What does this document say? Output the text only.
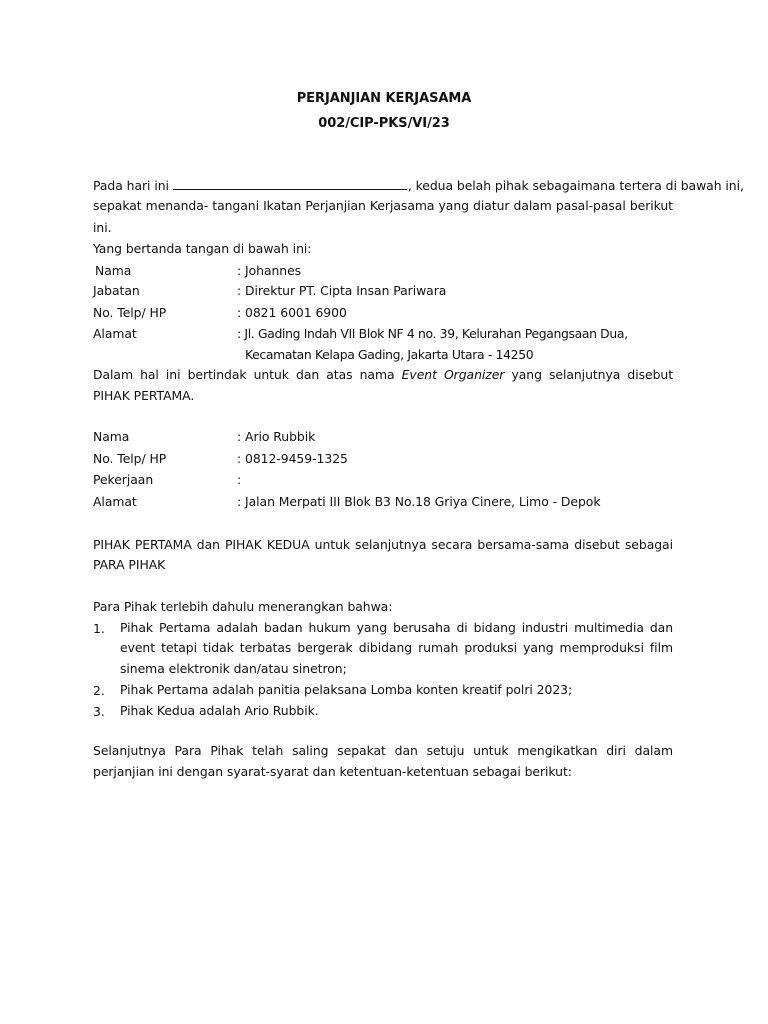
PERJANJIAN KERJASAMA
002/CIP-PKS/VI/23
Pada hari ini	, kedua belah pihak sebagaimana tertera di bawah ini,
sepakat menanda- tangani Ikatan Perjanjian Kerjasama yang diatur dalam pasal-pasal berikut
ini.
Yang bertanda tangan di bawah ini:
Nama	: Johannes
Jabatan	: Direktur PT. Cipta Insan Pariwara
No. Telp/ HP	: 0821 6001 6900
Alamat	: Jl. Gading Indah VII Blok NF 4 no. 39, Kelurahan Pegangsaan Dua,
Kecamatan Kelapa Gading, Jakarta Utara - 14250
Dalam hal ini bertindak untuk dan atas nama Event Organizer yang selanjutnya disebut
PIHAK PERTAMA.
Nama	: Ario Rubbik
No. Telp/ HP	: 0812-9459-1325
Pekerjaan	:
Alamat	: Jalan Merpati III Blok B3 No.18 Griya Cinere, Limo - Depok
PIHAK PERTAMA dan PIHAK KEDUA untuk selanjutnya secara bersama-sama disebut sebagai
PARA PIHAK
Para Pihak terlebih dahulu menerangkan bahwa:
1. Pihak Pertama adalah badan hukum yang berusaha di bidang industri multimedia dan
event tetapi tidak terbatas bergerak dibidang rumah produksi yang memproduksi film
sinema elektronik dan/atau sinetron;
2. Pihak Pertama adalah panitia pelaksana Lomba konten kreatif polri 2023;
3. Pihak Kedua adalah Ario Rubbik.
Selanjutnya Para Pihak telah saling sepakat dan setuju untuk mengikatkan diri dalam
perjanjian ini dengan syarat-syarat dan ketentuan-ketentuan sebagai berikut:
